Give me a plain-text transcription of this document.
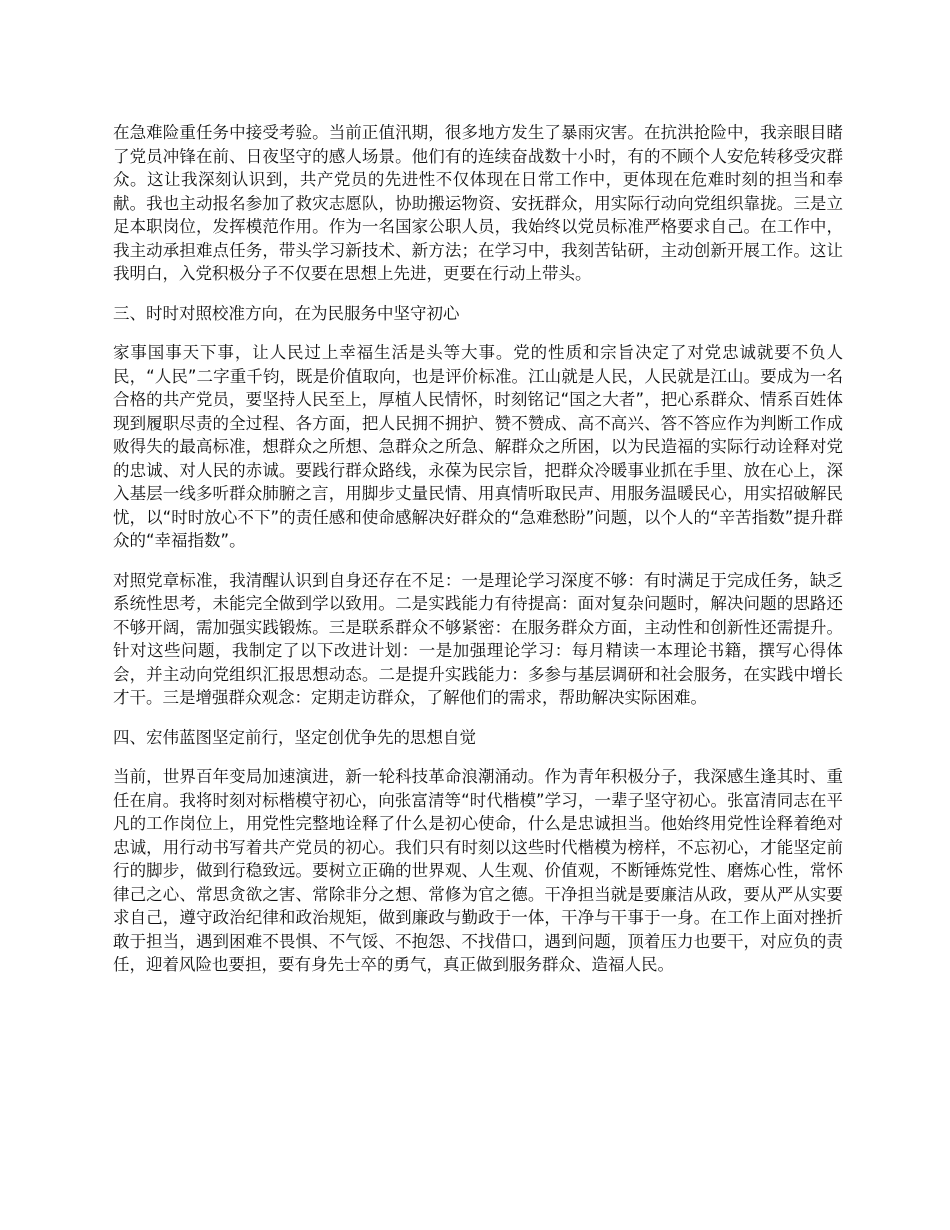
在急难险重任务中接受考验。当前正值汛期，很多地方发生了暴雨灾害。在抗洪抢险中，我亲眼目睹了党员冲锋在前、日夜坚守的感人场景。他们有的连续奋战数十小时，有的不顾个人安危转移受灾群众。这让我深刻认识到，共产党员的先进性不仅体现在日常工作中，更体现在危难时刻的担当和奉献。我也主动报名参加了救灾志愿队，协助搬运物资、安抚群众，用实际行动向党组织靠拢。三是立足本职岗位，发挥模范作用。作为一名国家公职人员，我始终以党员标准严格要求自己。在工作中，我主动承担难点任务，带头学习新技术、新方法；在学习中，我刻苦钻研，主动创新开展工作。这让我明白，入党积极分子不仅要在思想上先进，更要在行动上带头。

三、时时对照校准方向，在为民服务中坚守初心

家事国事天下事，让人民过上幸福生活是头等大事。党的性质和宗旨决定了对党忠诚就要不负人民，“人民”二字重千钧，既是价值取向，也是评价标准。江山就是人民，人民就是江山。要成为一名合格的共产党员，要坚持人民至上，厚植人民情怀，时刻铭记“国之大者”，把心系群众、情系百姓体现到履职尽责的全过程、各方面，把人民拥不拥护、赞不赞成、高不高兴、答不答应作为判断工作成败得失的最高标准，想群众之所想、急群众之所急、解群众之所困，以为民造福的实际行动诠释对党的忠诚、对人民的赤诚。要践行群众路线，永葆为民宗旨，把群众冷暖事业抓在手里、放在心上，深入基层一线多听群众肺腑之言，用脚步丈量民情、用真情听取民声、用服务温暖民心，用实招破解民忧，以“时时放心不下”的责任感和使命感解决好群众的“急难愁盼”问题，以个人的“辛苦指数”提升群众的“幸福指数”。

对照党章标准，我清醒认识到自身还存在不足：一是理论学习深度不够：有时满足于完成任务，缺乏系统性思考，未能完全做到学以致用。二是实践能力有待提高：面对复杂问题时，解决问题的思路还不够开阔，需加强实践锻炼。三是联系群众不够紧密：在服务群众方面，主动性和创新性还需提升。针对这些问题，我制定了以下改进计划：一是加强理论学习：每月精读一本理论书籍，撰写心得体会，并主动向党组织汇报思想动态。二是提升实践能力：多参与基层调研和社会服务，在实践中增长才干。三是增强群众观念：定期走访群众，了解他们的需求，帮助解决实际困难。

四、宏伟蓝图坚定前行，坚定创优争先的思想自觉

当前，世界百年变局加速演进，新一轮科技革命浪潮涌动。作为青年积极分子，我深感生逢其时、重任在肩。我将时刻对标楷模守初心，向张富清等“时代楷模”学习，一辈子坚守初心。张富清同志在平凡的工作岗位上，用党性完整地诠释了什么是初心使命，什么是忠诚担当。他始终用党性诠释着绝对忠诚，用行动书写着共产党员的初心。我们只有时刻以这些时代楷模为榜样，不忘初心，才能坚定前行的脚步，做到行稳致远。要树立正确的世界观、人生观、价值观，不断锤炼党性、磨炼心性，常怀律己之心、常思贪欲之害、常除非分之想、常修为官之德。干净担当就是要廉洁从政，要从严从实要求自己，遵守政治纪律和政治规矩，做到廉政与勤政于一体，干净与干事于一身。在工作上面对挫折敢于担当，遇到困难不畏惧、不气馁、不抱怨、不找借口，遇到问题，顶着压力也要干，对应负的责任，迎着风险也要担，要有身先士卒的勇气，真正做到服务群众、造福人民。
